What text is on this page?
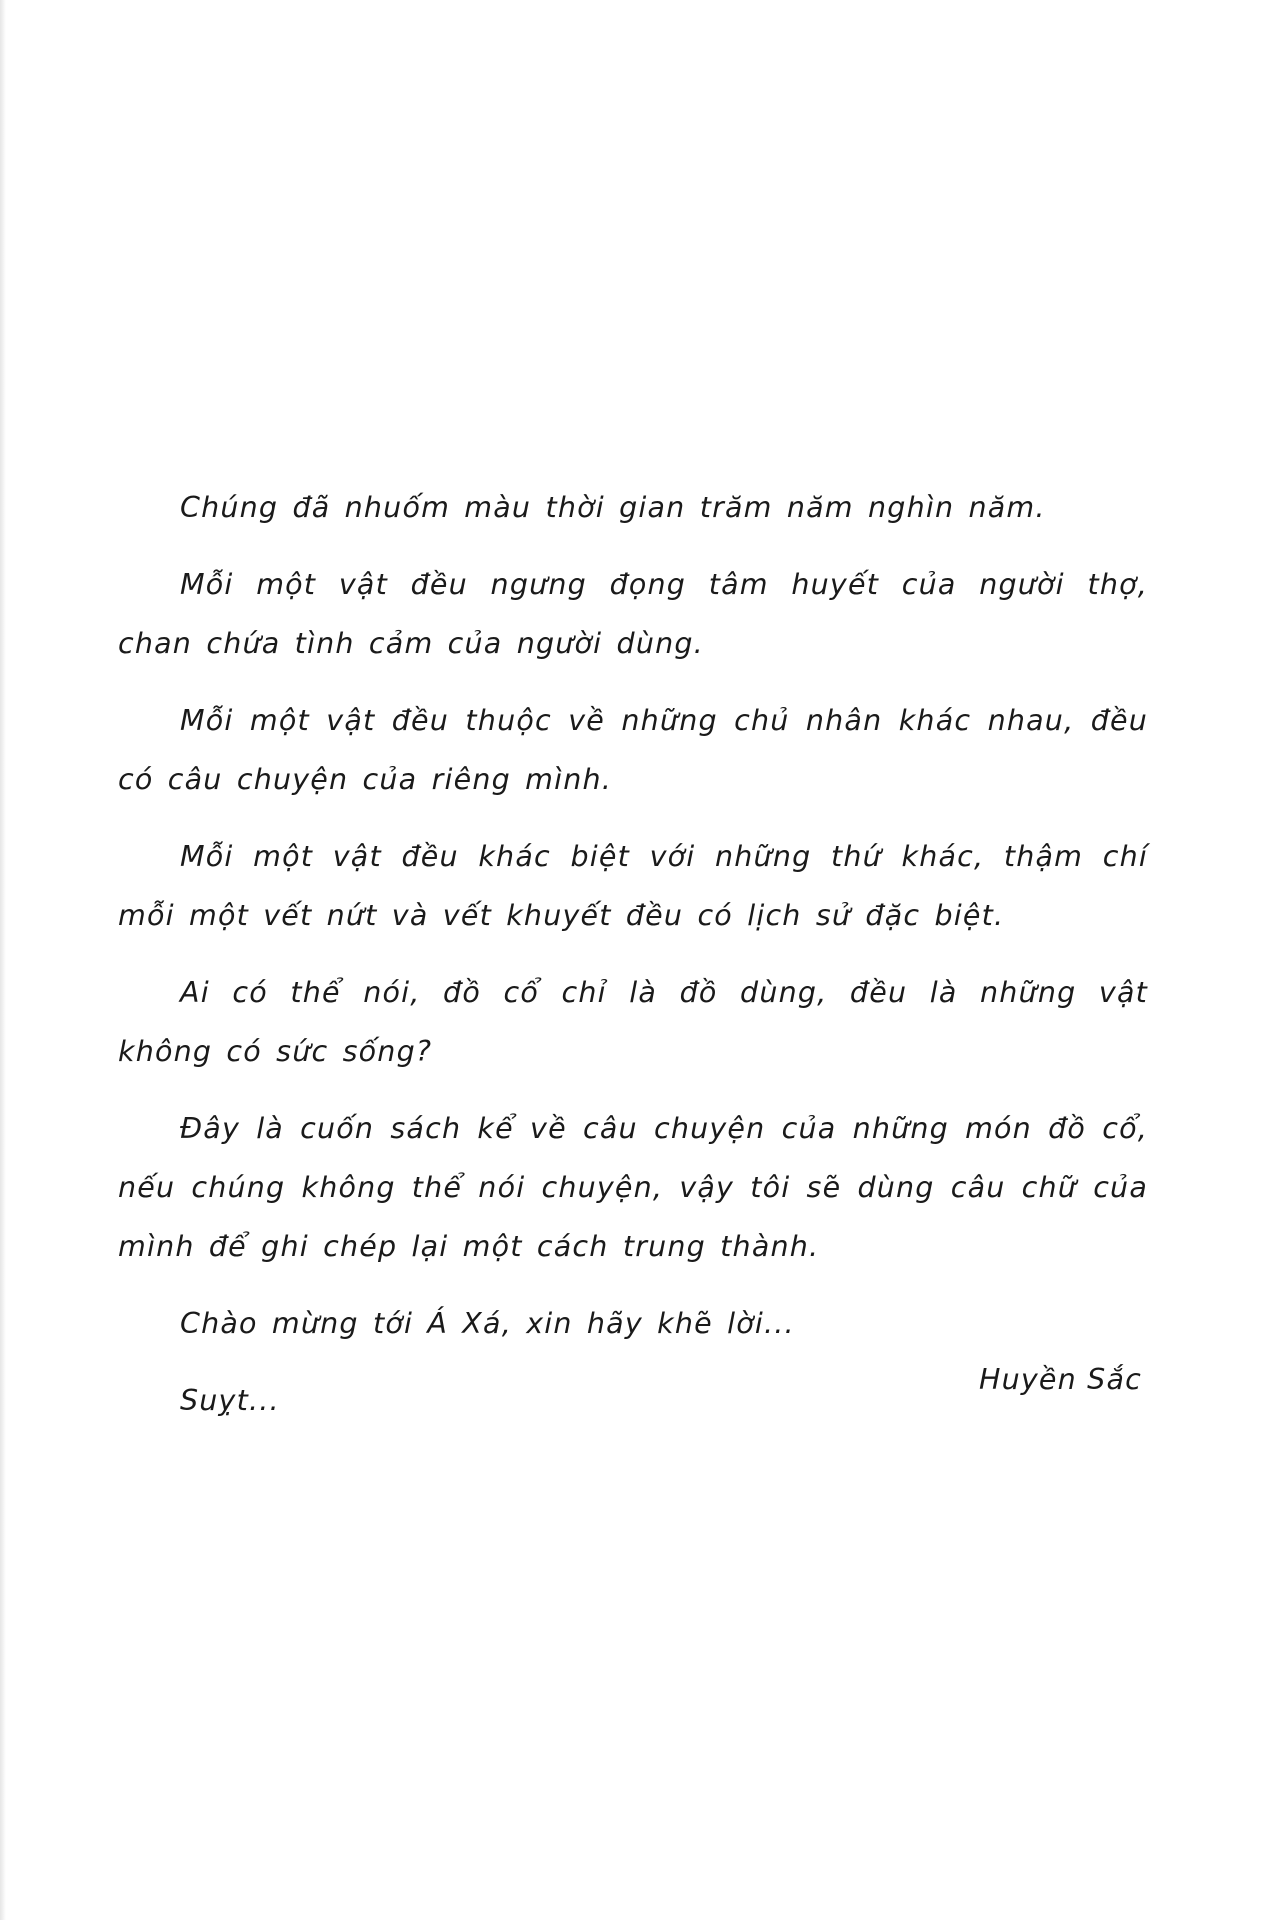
Chúng đã nhuốm màu thời gian trăm năm nghìn năm.

Mỗi một vật đều ngưng đọng tâm huyết của người thợ, chan chứa tình cảm của người dùng.

Mỗi một vật đều thuộc về những chủ nhân khác nhau, đều có câu chuyện của riêng mình.

Mỗi một vật đều khác biệt với những thứ khác, thậm chí mỗi một vết nứt và vết khuyết đều có lịch sử đặc biệt.

Ai có thể nói, đồ cổ chỉ là đồ dùng, đều là những vật không có sức sống?

Đây là cuốn sách kể về câu chuyện của những món đồ cổ, nếu chúng không thể nói chuyện, vậy tôi sẽ dùng câu chữ của mình để ghi chép lại một cách trung thành.

Chào mừng tới Á Xá, xin hãy khẽ lời...

Suỵt...

Huyền Sắc
